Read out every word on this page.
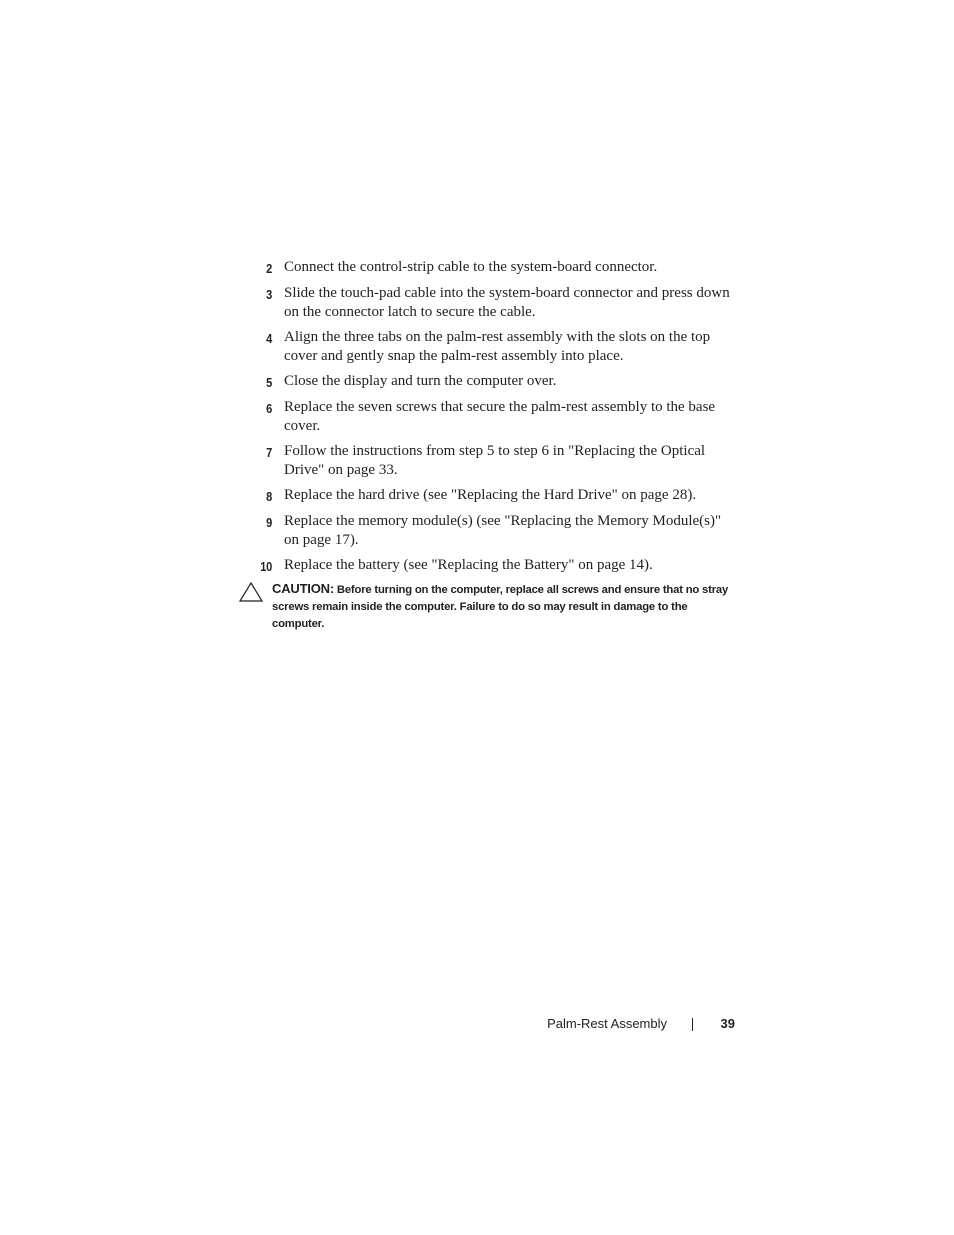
2 Connect the control-strip cable to the system-board connector.
3 Slide the touch-pad cable into the system-board connector and press down on the connector latch to secure the cable.
4 Align the three tabs on the palm-rest assembly with the slots on the top cover and gently snap the palm-rest assembly into place.
5 Close the display and turn the computer over.
6 Replace the seven screws that secure the palm-rest assembly to the base cover.
7 Follow the instructions from step 5 to step 6 in "Replacing the Optical Drive" on page 33.
8 Replace the hard drive (see "Replacing the Hard Drive" on page 28).
9 Replace the memory module(s) (see "Replacing the Memory Module(s)" on page 17).
10 Replace the battery (see "Replacing the Battery" on page 14).
CAUTION: Before turning on the computer, replace all screws and ensure that no stray screws remain inside the computer. Failure to do so may result in damage to the computer.
Palm-Rest Assembly	39
